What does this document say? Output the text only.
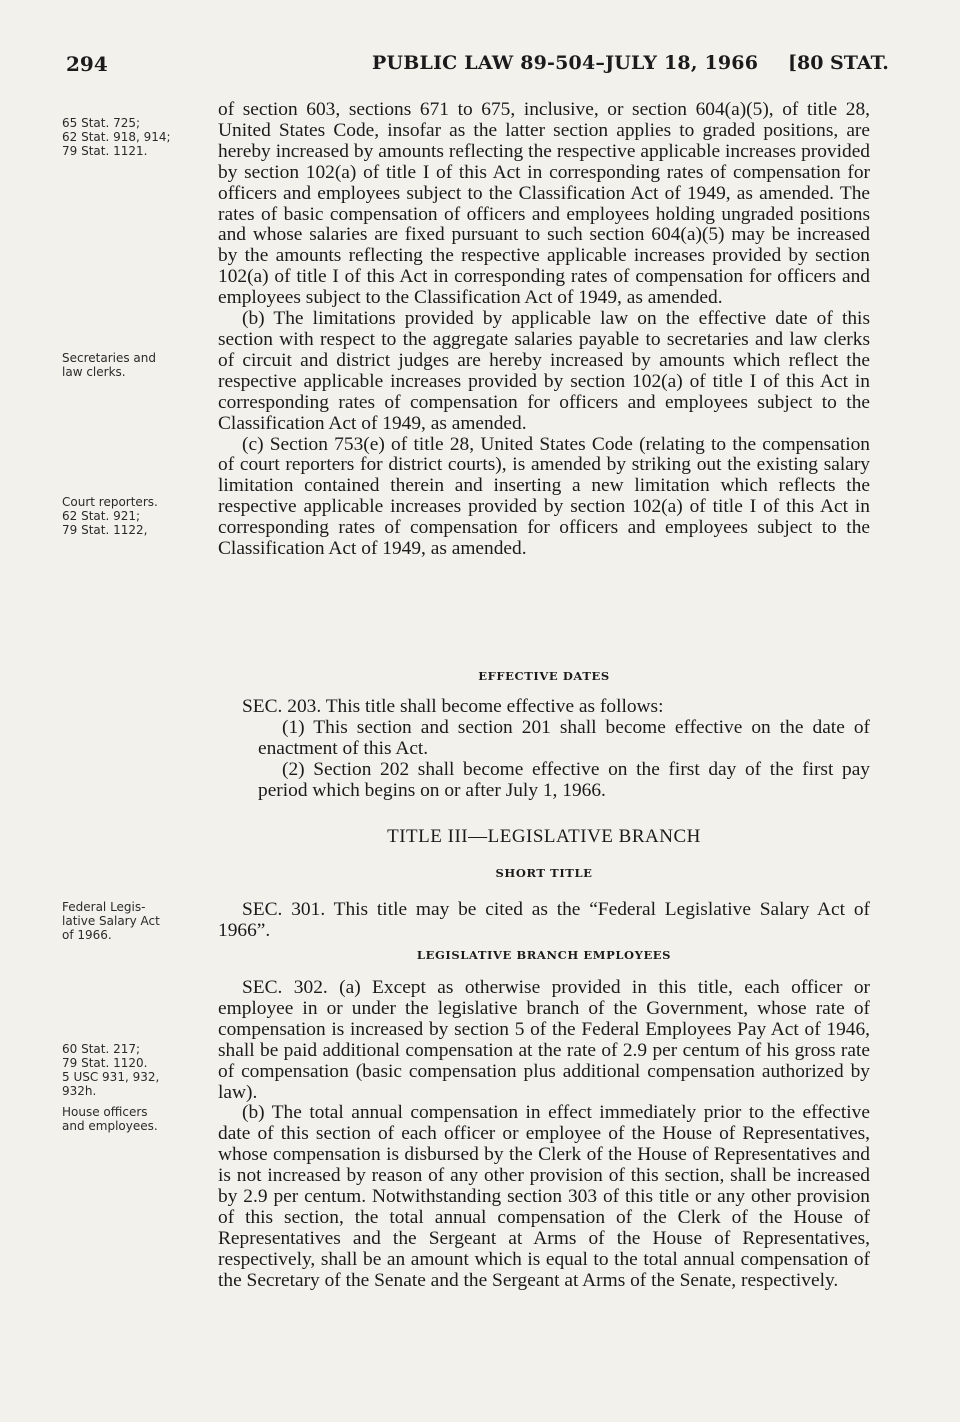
294	PUBLIC LAW 89-504–JULY 18, 1966 [80 STAT.
65 Stat. 725;
62 Stat. 918, 914;
79 Stat. 1121.
Secretaries and
law clerks.
Court reporters.
62 Stat. 921;
79 Stat. 1122,
Federal Legis-
lative Salary Act
of 1966.
60 Stat. 217;
79 Stat. 1120.
5 USC 931, 932,
932h.
House officers
and employees.

of section 603, sections 671 to 675, inclusive, or section 604(a)(5), of title 28, United States Code, insofar as the latter section applies to graded positions, are hereby increased by amounts reflecting the respective applicable increases provided by section 102(a) of title I of this Act in corresponding rates of compensation for officers and employees subject to the Classification Act of 1949, as amended. The rates of basic compensation of officers and employees holding ungraded positions and whose salaries are fixed pursuant to such section 604(a)(5) may be increased by the amounts reflecting the respective applicable increases provided by section 102(a) of title I of this Act in corresponding rates of compensation for officers and employees subject to the Classification Act of 1949, as amended.

(b) The limitations provided by applicable law on the effective date of this section with respect to the aggregate salaries payable to secretaries and law clerks of circuit and district judges are hereby increased by amounts which reflect the respective applicable increases provided by section 102(a) of title I of this Act in corresponding rates of compensation for officers and employees subject to the Classification Act of 1949, as amended.

(c) Section 753(e) of title 28, United States Code (relating to the compensation of court reporters for district courts), is amended by striking out the existing salary limitation contained therein and inserting a new limitation which reflects the respective applicable increases provided by section 102(a) of title I of this Act in corresponding rates of compensation for officers and employees subject to the Classification Act of 1949, as amended.

EFFECTIVE DATES

SEC. 203. This title shall become effective as follows:

(1) This section and section 201 shall become effective on the date of enactment of this Act.

(2) Section 202 shall become effective on the first day of the first pay period which begins on or after July 1, 1966.

TITLE III—LEGISLATIVE BRANCH
SHORT TITLE

SEC. 301. This title may be cited as the “Federal Legislative Salary Act of 1966”.

LEGISLATIVE BRANCH EMPLOYEES

SEC. 302. (a) Except as otherwise provided in this title, each officer or employee in or under the legislative branch of the Government, whose rate of compensation is increased by section 5 of the Federal Employees Pay Act of 1946, shall be paid additional compensation at the rate of 2.9 per centum of his gross rate of compensation (basic compensation plus additional compensation authorized by law).

(b) The total annual compensation in effect immediately prior to the effective date of this section of each officer or employee of the House of Representatives, whose compensation is disbursed by the Clerk of the House of Representatives and is not increased by reason of any other provision of this section, shall be increased by 2.9 per centum. Notwithstanding section 303 of this title or any other provision of this section, the total annual compensation of the Clerk of the House of Representatives and the Sergeant at Arms of the House of Representatives, respectively, shall be an amount which is equal to the total annual compensation of the Secretary of the Senate and the Sergeant at Arms of the Senate, respectively.
